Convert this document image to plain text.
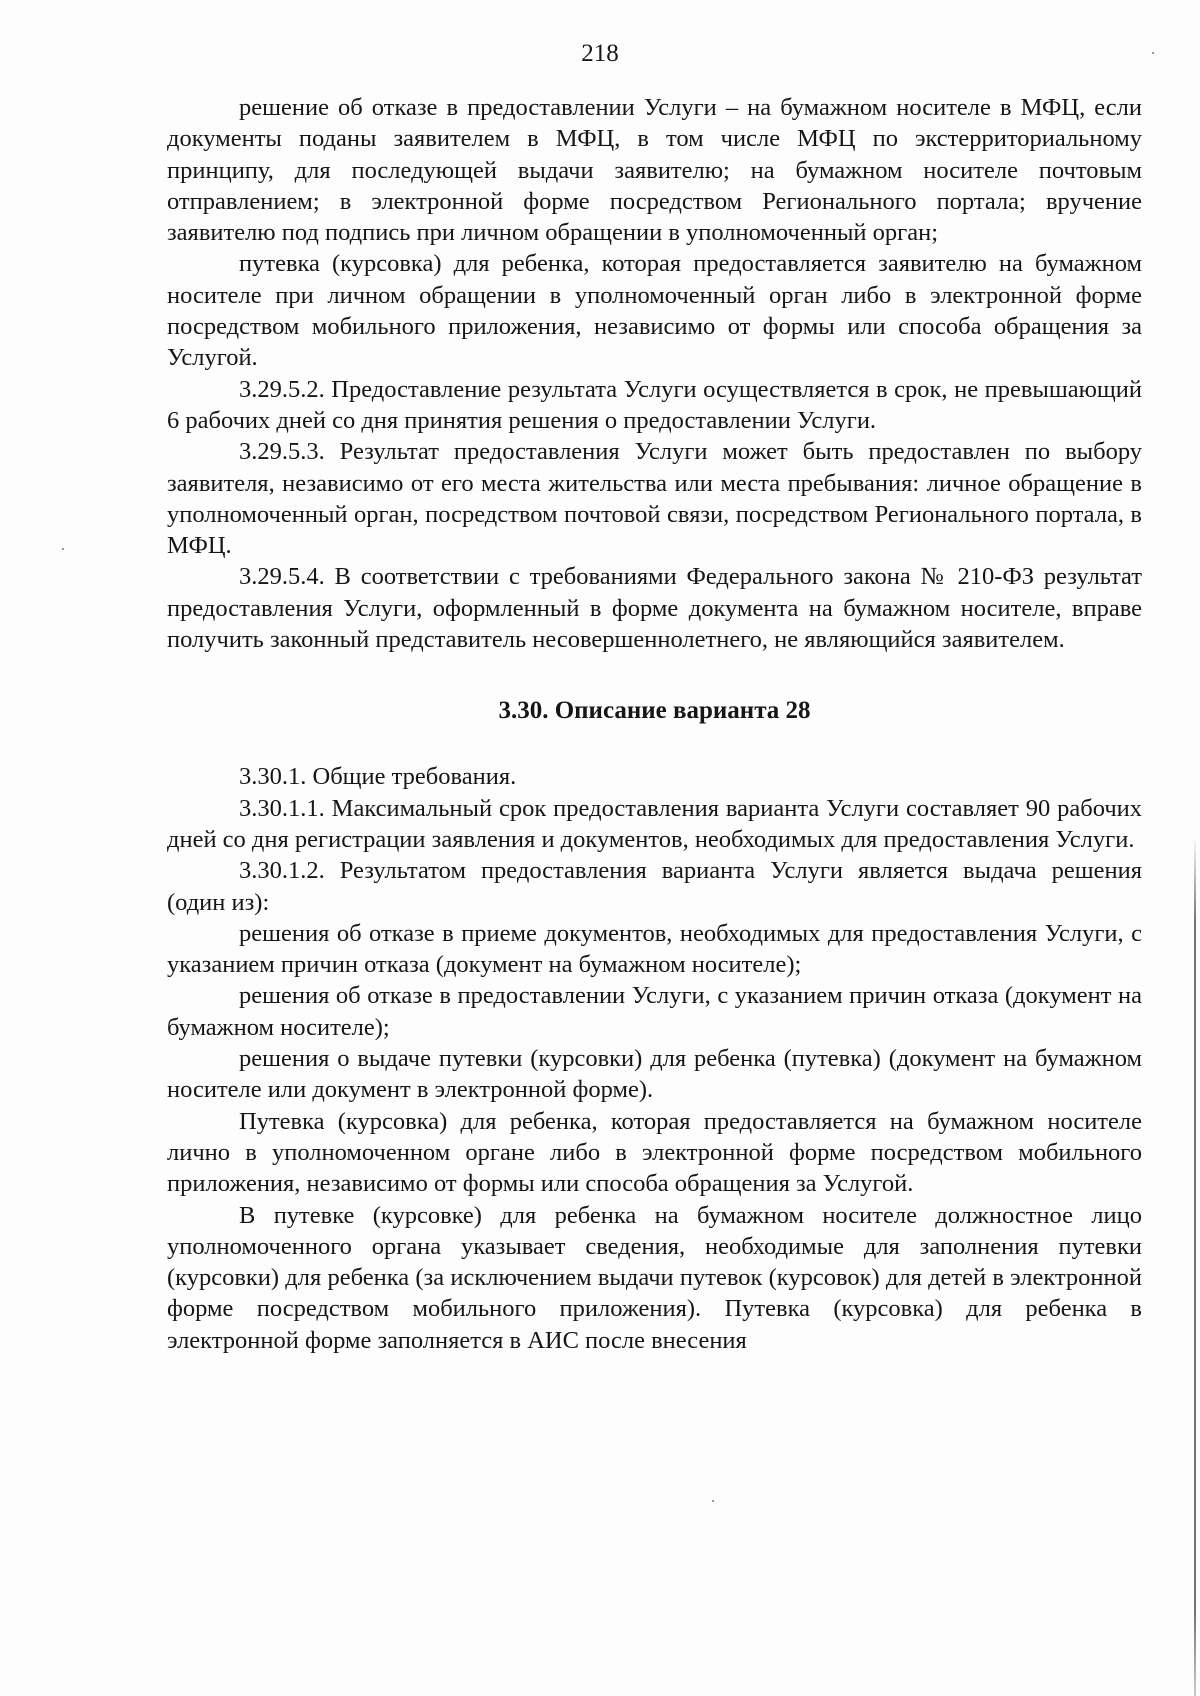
218

решение об отказе в предоставлении Услуги – на бумажном носителе в МФЦ, если документы поданы заявителем в МФЦ, в том числе МФЦ по экстерриториальному принципу, для последующей выдачи заявителю; на бумажном носителе почтовым отправлением; в электронной форме посредством Регионального портала; вручение заявителю под подпись при личном обращении в уполномоченный орган;

путевка (курсовка) для ребенка, которая предоставляется заявителю на бумажном носителе при личном обращении в уполномоченный орган либо в электронной форме посредством мобильного приложения, независимо от формы или способа обращения за Услугой.

3.29.5.2. Предоставление результата Услуги осуществляется в срок, не превышающий 6 рабочих дней со дня принятия решения о предоставлении Услуги.

3.29.5.3. Результат предоставления Услуги может быть предоставлен по выбору заявителя, независимо от его места жительства или места пребывания: личное обращение в уполномоченный орган, посредством почтовой связи, посредством Регионального портала, в МФЦ.

3.29.5.4. В соответствии с требованиями Федерального закона № 210-ФЗ результат предоставления Услуги, оформленный в форме документа на бумажном носителе, вправе получить законный представитель несовершеннолетнего, не являющийся заявителем.

3.30. Описание варианта 28

3.30.1. Общие требования.

3.30.1.1. Максимальный срок предоставления варианта Услуги составляет 90 рабочих дней со дня регистрации заявления и документов, необходимых для предоставления Услуги.

3.30.1.2. Результатом предоставления варианта Услуги является выдача решения (один из):

решения об отказе в приеме документов, необходимых для предоставления Услуги, с указанием причин отказа (документ на бумажном носителе);

решения об отказе в предоставлении Услуги, с указанием причин отказа (документ на бумажном носителе);

решения о выдаче путевки (курсовки) для ребенка (путевка) (документ на бумажном носителе или документ в электронной форме).

Путевка (курсовка) для ребенка, которая предоставляется на бумажном носителе лично в уполномоченном органе либо в электронной форме посредством мобильного приложения, независимо от формы или способа обращения за Услугой.

В путевке (курсовке) для ребенка на бумажном носителе должностное лицо уполномоченного органа указывает сведения, необходимые для заполнения путевки (курсовки) для ребенка (за исключением выдачи путевок (курсовок) для детей в электронной форме посредством мобильного приложения). Путевка (курсовка) для ребенка в электронной форме заполняется в АИС после внесения
